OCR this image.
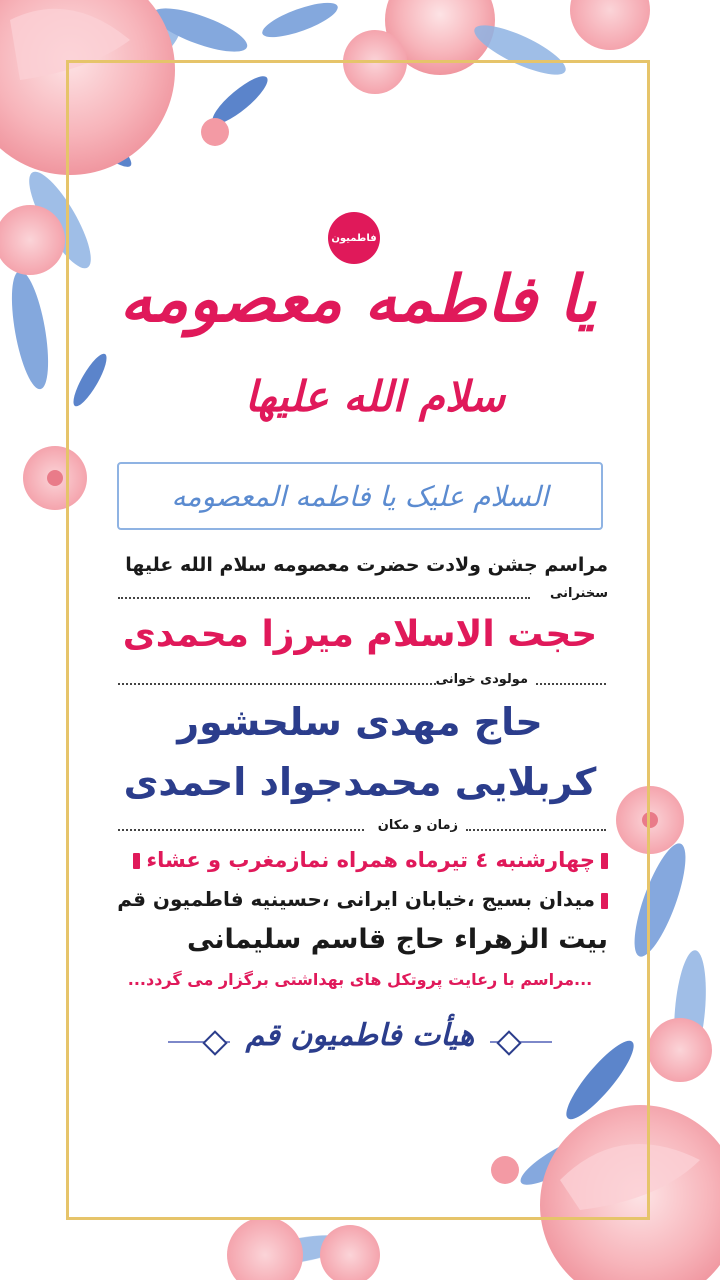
فاطمیون
یا فاطمه معصومه
سلام الله علیها
السلام علیک یا فاطمه المعصومه
مراسم جشن ولادت حضرت معصومه سلام الله علیها
سخنرانی
حجت الاسلام میرزا محمدی
مولودی خوانی
حاج مهدی سلحشور
کربلایی محمدجواد احمدی
زمان و مکان
چهارشنبه ٤ تیرماه همراه نمازمغرب و عشاء
میدان بسیج ،خیابان ایرانی ،حسینیه فاطمیون قم
بیت الزهراء حاج قاسم سلیمانی
...مراسم با رعایت پروتکل های بهداشتی برگزار می گردد...
هیأت فاطمیون قم
